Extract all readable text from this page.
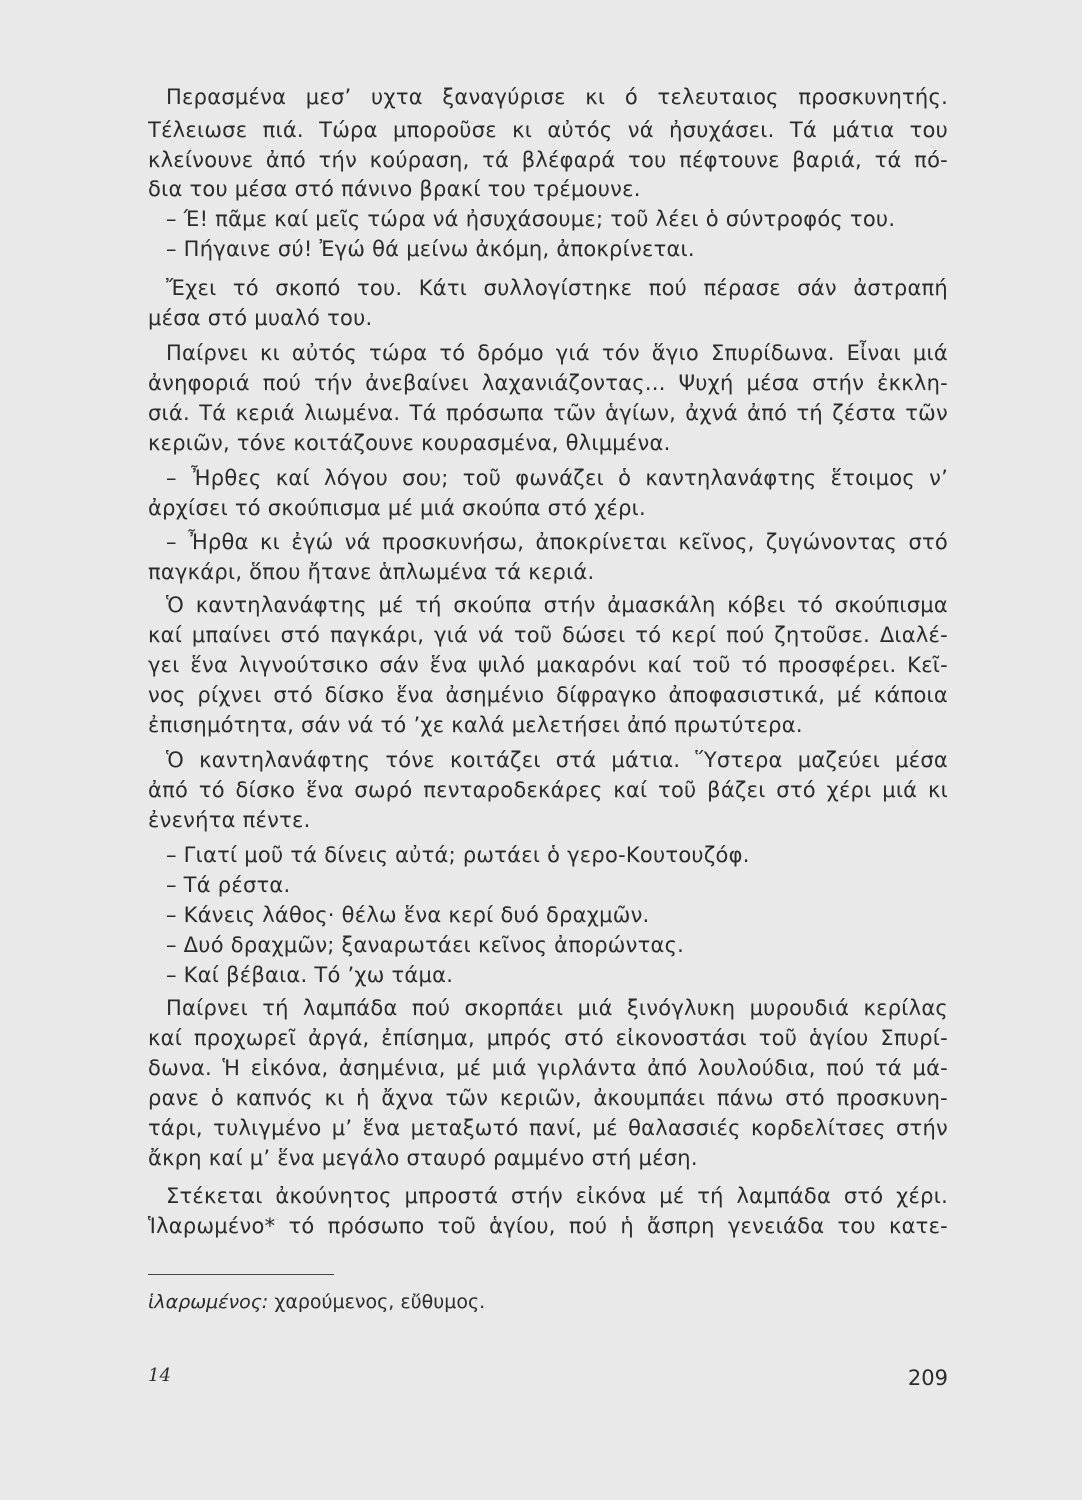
Περασμένα μεσ’ υχτα ξαναγύρισε κι ό τελευταιος προσκυνητής.
Τέλειωσε πιά. Τώρα μποροῦσε κι αὐτός νά ἠσυχάσει. Τά μάτια του
κλείνουνε ἀπό τήν κούραση, τά βλέφαρά του πέφτουνε βαριά, τά πό-
δια του μέσα στό πάνινο βρακί του τρέμουνε.
– Έ! πᾶμε καί μεῖς τώρα νά ἠσυχάσουμε; τοῦ λέει ὁ σύντροφός του.
– Πήγαινε σύ! Ἐγώ θά μείνω ἀκόμη, ἀποκρίνεται.
Ἔχει τό σκοπό του. Κάτι συλλογίστηκε πού πέρασε σάν ἀστραπή
μέσα στό μυαλό του.
Παίρνει κι αὐτός τώρα τό δρόμο γιά τόν ἅγιο Σπυρίδωνα. Εἶναι μιά
ἀνηφοριά πού τήν ἀνεβαίνει λαχανιάζοντας... Ψυχή μέσα στήν ἐκκλη-
σιά. Τά κεριά λιωμένα. Τά πρόσωπα τῶν ἁγίων, ἀχνά ἀπό τή ζέστα τῶν
κεριῶν, τόνε κοιτάζουνε κουρασμένα, θλιμμένα.
– Ἦρθες καί λόγου σου; τοῦ φωνάζει ὁ καντηλανάφτης ἕτοιμος ν’
ἀρχίσει τό σκούπισμα μέ μιά σκούπα στό χέρι.
– Ἦρθα κι ἐγώ νά προσκυνήσω, ἀποκρίνεται κεῖνος, ζυγώνοντας στό
παγκάρι, ὅπου ἤτανε ἁπλωμένα τά κεριά.
Ὁ καντηλανάφτης μέ τή σκούπα στήν ἀμασκάλη κόβει τό σκούπισμα
καί μπαίνει στό παγκάρι, γιά νά τοῦ δώσει τό κερί πού ζητοῦσε. Διαλέ-
γει ἕνα λιγνούτσικο σάν ἕνα ψιλό μακαρόνι καί τοῦ τό προσφέρει. Κεῖ-
νος ρίχνει στό δίσκο ἕνα ἀσημένιο δίφραγκο ἀποφασιστικά, μέ κάποια
ἐπισημότητα, σάν νά τό ’χε καλά μελετήσει ἀπό πρωτύτερα.
Ὁ καντηλανάφτης τόνε κοιτάζει στά μάτια. Ὕστερα μαζεύει μέσα
ἀπό τό δίσκο ἕνα σωρό πενταροδεκάρες καί τοῦ βάζει στό χέρι μιά κι
ἐνενήτα πέντε.
– Γιατί μοῦ τά δίνεις αὐτά; ρωτάει ὁ γερο-Κουτουζόφ.
– Τά ρέστα.
– Κάνεις λάθος· θέλω ἕνα κερί δυό δραχμῶν.
– Δυό δραχμῶν; ξαναρωτάει κεῖνος ἀπορώντας.
– Καί βέβαια. Τό ’χω τάμα.
Παίρνει τή λαμπάδα πού σκορπάει μιά ξινόγλυκη μυρουδιά κερίλας
καί προχωρεῖ ἀργά, ἐπίσημα, μπρός στό εἰκονοστάσι τοῦ ἁγίου Σπυρί-
δωνα. Ἡ εἰκόνα, ἀσημένια, μέ μιά γιρλάντα ἀπό λουλούδια, πού τά μά-
ρανε ὁ καπνός κι ἡ ἄχνα τῶν κεριῶν, ἀκουμπάει πάνω στό προσκυνη-
τάρι, τυλιγμένο μ’ ἕνα μεταξωτό πανί, μέ θαλασσιές κορδελίτσες στήν
ἄκρη καί μ’ ἕνα μεγάλο σταυρό ραμμένο στή μέση.
Στέκεται ἀκούνητος μπροστά στήν εἰκόνα μέ τή λαμπάδα στό χέρι.
Ἱλαρωμένο* τό πρόσωπο τοῦ ἁγίου, πού ἡ ἄσπρη γενειάδα του κατε-
ἱλαρωμένος: χαρούμενος, εὔθυμος.
14	209
